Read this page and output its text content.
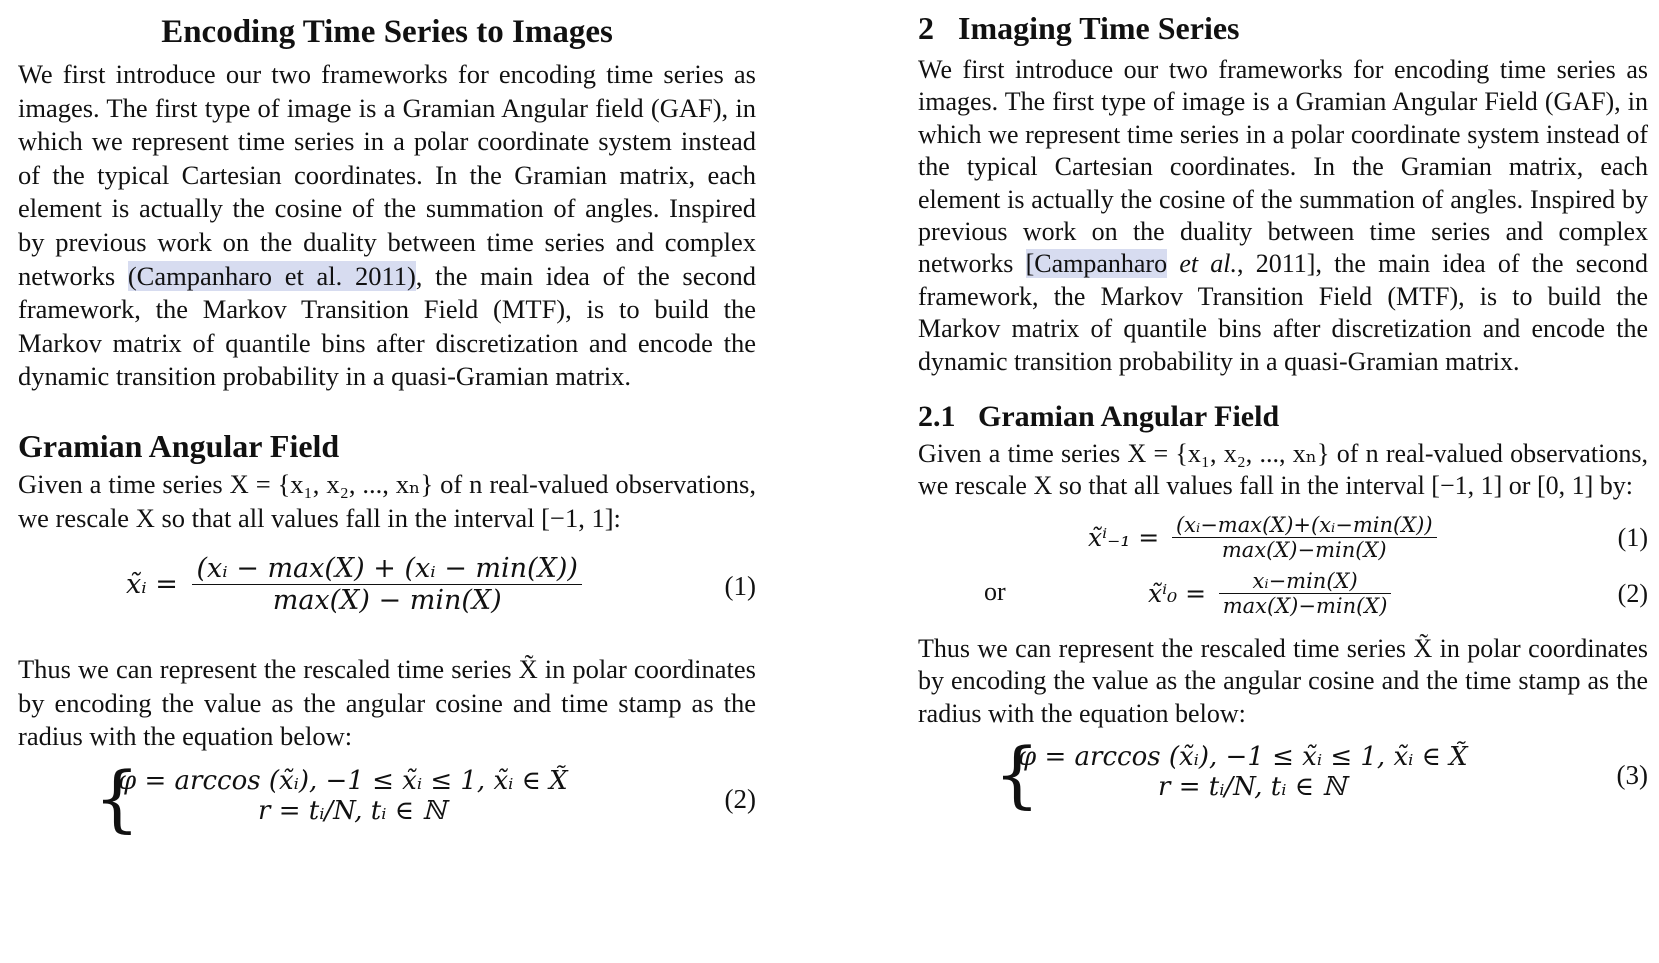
Encoding Time Series to Images

We first introduce our two frameworks for encoding time series as images. The first type of image is a Gramian Angular field (GAF), in which we represent time series in a polar coordinate system instead of the typical Cartesian coordinates. In the Gramian matrix, each element is actually the cosine of the summation of angles. Inspired by previous work on the duality between time series and complex networks (Campanharo et al. 2011), the main idea of the second framework, the Markov Transition Field (MTF), is to build the Markov matrix of quantile bins after discretization and encode the dynamic transition probability in a quasi-Gramian matrix.

Gramian Angular Field

Given a time series X = {x₁, x₂, ..., xₙ} of n real-valued observations, we rescale X so that all values fall in the interval [−1, 1]:

x̃ᵢ = $\frac{\text{(xᵢ − max(X) + (xᵢ − min(X))}}{\max(X) - \min(X)}$	(1)

Thus we can represent the rescaled time series X̃ in polar coordinates by encoding the value as the angular cosine and time stamp as the radius with the equation below:

{
φ = arccos (x̃ᵢ), −1 ≤ x̃ᵢ ≤ 1, x̃ᵢ ∈ X̃
r = tᵢ/N, tᵢ ∈ ℕ	(2)
2 Imaging Time Series

We first introduce our two frameworks for encoding time series as images. The first type of image is a Gramian Angular Field (GAF), in which we represent time series in a polar coordinate system instead of the typical Cartesian coordinates. In the Gramian matrix, each element is actually the cosine of the summation of angles. Inspired by previous work on the duality between time series and complex networks [Campanharo et al., 2011], the main idea of the second framework, the Markov Transition Field (MTF), is to build the Markov matrix of quantile bins after discretization and encode the dynamic transition probability in a quasi-Gramian matrix.

2.1 Gramian Angular Field

Given a time series X = {x₁, x₂, ..., xₙ} of n real-valued observations, we rescale X so that all values fall in the interval [−1, 1] or [0, 1] by:

x̃ⁱ₋₁ = $\frac{\text{(xᵢ−max(X)+(xᵢ−min(X))}}{\max(X)-\min(X)}$	(1)
or	x̃ⁱ₀ = $\frac{\text{xᵢ−min(X)}}{\max(X)-\min(X)}$	(2)

Thus we can represent the rescaled time series X̃ in polar coordinates by encoding the value as the angular cosine and the time stamp as the radius with the equation below:

{
φ = arccos (x̃ᵢ), −1 ≤ x̃ᵢ ≤ 1, x̃ᵢ ∈ X̃
r = tᵢ/N, tᵢ ∈ ℕ	(3)
